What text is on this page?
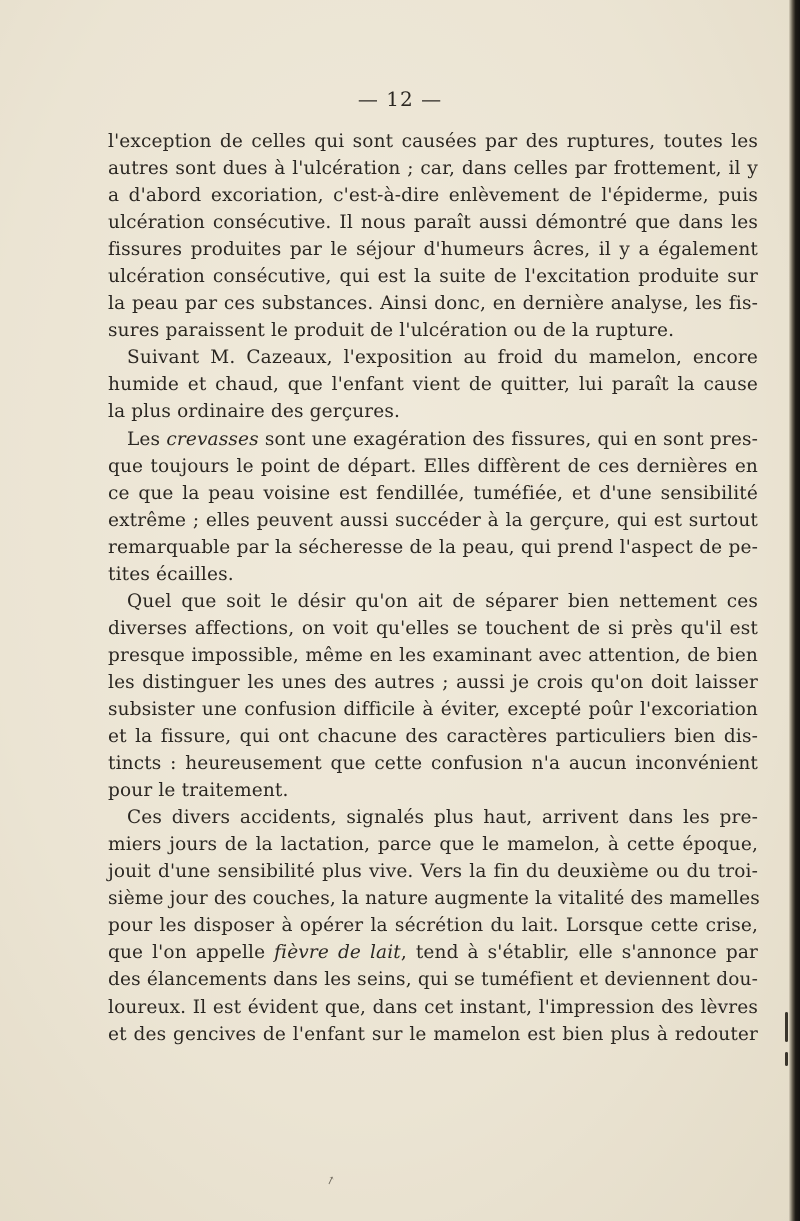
— 12 —
l'exception de celles qui sont causées par des ruptures, toutes les
autres sont dues à l'ulcération ; car, dans celles par frottement, il y
a d'abord excoriation, c'est-à-dire enlèvement de l'épiderme, puis
ulcération consécutive. Il nous paraît aussi démontré que dans les
fissures produites par le séjour d'humeurs âcres, il y a également
ulcération consécutive, qui est la suite de l'excitation produite sur
la peau par ces substances. Ainsi donc, en dernière analyse, les fis-
sures paraissent le produit de l'ulcération ou de la rupture.
Suivant M. Cazeaux, l'exposition au froid du mamelon, encore
humide et chaud, que l'enfant vient de quitter, lui paraît la cause
la plus ordinaire des gerçures.
Les crevasses sont une exagération des fissures, qui en sont pres-
que toujours le point de départ. Elles diffèrent de ces dernières en
ce que la peau voisine est fendillée, tuméfiée, et d'une sensibilité
extrême ; elles peuvent aussi succéder à la gerçure, qui est surtout
remarquable par la sécheresse de la peau, qui prend l'aspect de pe-
tites écailles.
Quel que soit le désir qu'on ait de séparer bien nettement ces
diverses affections, on voit qu'elles se touchent de si près qu'il est
presque impossible, même en les examinant avec attention, de bien
les distinguer les unes des autres ; aussi je crois qu'on doit laisser
subsister une confusion difficile à éviter, excepté poûr l'excoriation
et la fissure, qui ont chacune des caractères particuliers bien dis-
tincts : heureusement que cette confusion n'a aucun inconvénient
pour le traitement.
Ces divers accidents, signalés plus haut, arrivent dans les pre-
miers jours de la lactation, parce que le mamelon, à cette époque,
jouit d'une sensibilité plus vive. Vers la fin du deuxième ou du troi-
sième jour des couches, la nature augmente la vitalité des mamelles
pour les disposer à opérer la sécrétion du lait. Lorsque cette crise,
que l'on appelle fièvre de lait, tend à s'établir, elle s'annonce par
des élancements dans les seins, qui se tuméfient et deviennent dou-
loureux. Il est évident que, dans cet instant, l'impression des lèvres
et des gencives de l'enfant sur le mamelon est bien plus à redouter
↗
